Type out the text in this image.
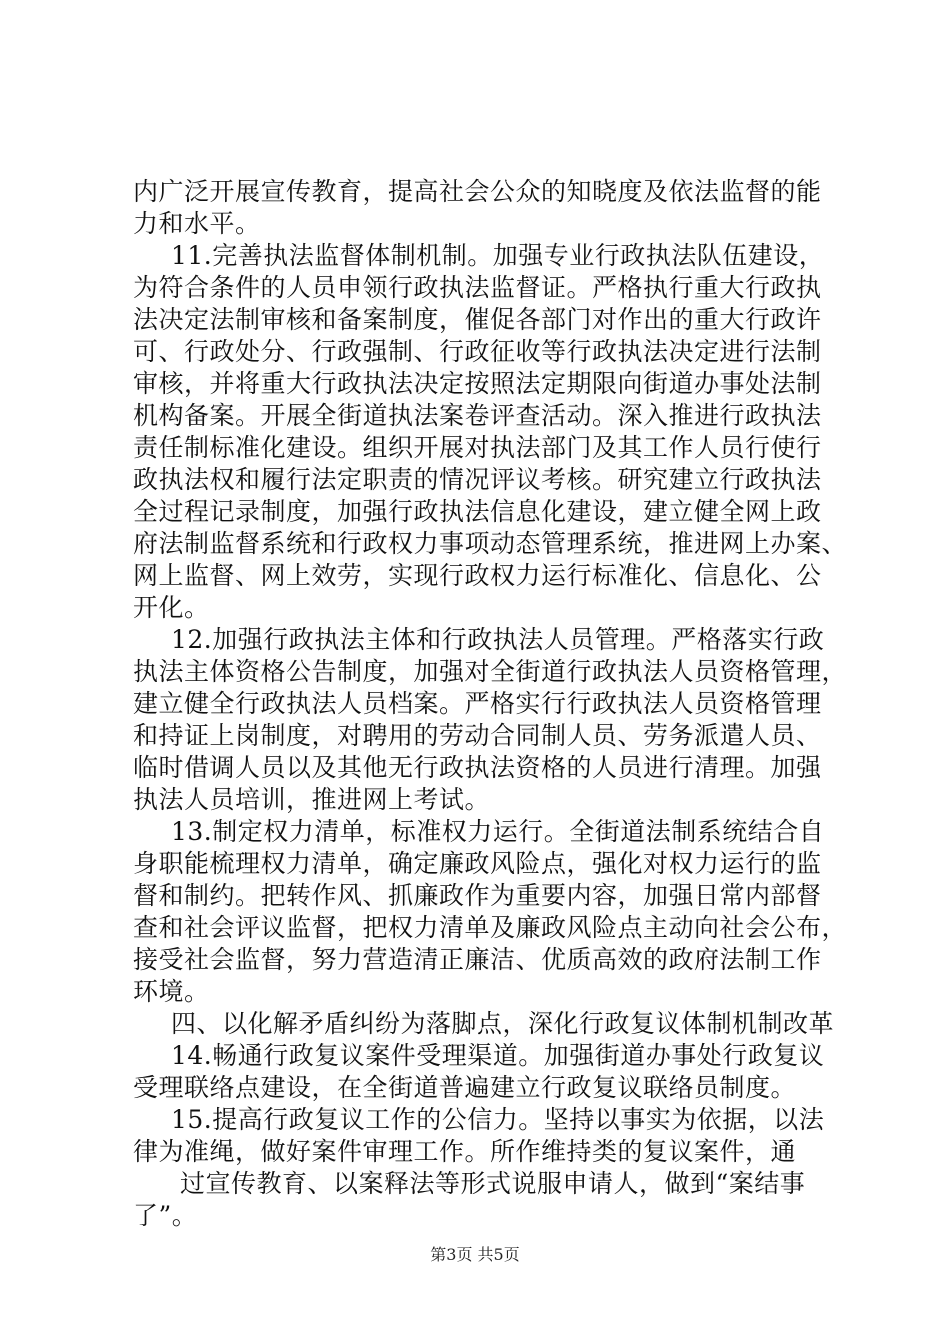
内广泛开展宣传教育，提高社会公众的知晓度及依法监督的能
力和水平。
11.完善执法监督体制机制。加强专业行政执法队伍建设，
为符合条件的人员申领行政执法监督证。严格执行重大行政执
法决定法制审核和备案制度，催促各部门对作出的重大行政许
可、行政处分、行政强制、行政征收等行政执法决定进行法制
审核，并将重大行政执法决定按照法定期限向街道办事处法制
机构备案。开展全街道执法案卷评查活动。深入推进行政执法
责任制标准化建设。组织开展对执法部门及其工作人员行使行
政执法权和履行法定职责的情况评议考核。研究建立行政执法
全过程记录制度，加强行政执法信息化建设，建立健全网上政
府法制监督系统和行政权力事项动态管理系统，推进网上办案、
网上监督、网上效劳，实现行政权力运行标准化、信息化、公
开化。
12.加强行政执法主体和行政执法人员管理。严格落实行政
执法主体资格公告制度，加强对全街道行政执法人员资格管理，
建立健全行政执法人员档案。严格实行行政执法人员资格管理
和持证上岗制度，对聘用的劳动合同制人员、劳务派遣人员、
临时借调人员以及其他无行政执法资格的人员进行清理。加强
执法人员培训，推进网上考试。
13.制定权力清单，标准权力运行。全街道法制系统结合自
身职能梳理权力清单，确定廉政风险点，强化对权力运行的监
督和制约。把转作风、抓廉政作为重要内容，加强日常内部督
查和社会评议监督，把权力清单及廉政风险点主动向社会公布，
接受社会监督，努力营造清正廉洁、优质高效的政府法制工作
环境。
四、以化解矛盾纠纷为落脚点，深化行政复议体制机制改革
14.畅通行政复议案件受理渠道。加强街道办事处行政复议
受理联络点建设，在全街道普遍建立行政复议联络员制度。
15.提高行政复议工作的公信力。坚持以事实为依据，以法
律为准绳，做好案件审理工作。所作维持类的复议案件，通
过宣传教育、以案释法等形式说服申请人，做到“案结事
了”。
第3页 共5页
